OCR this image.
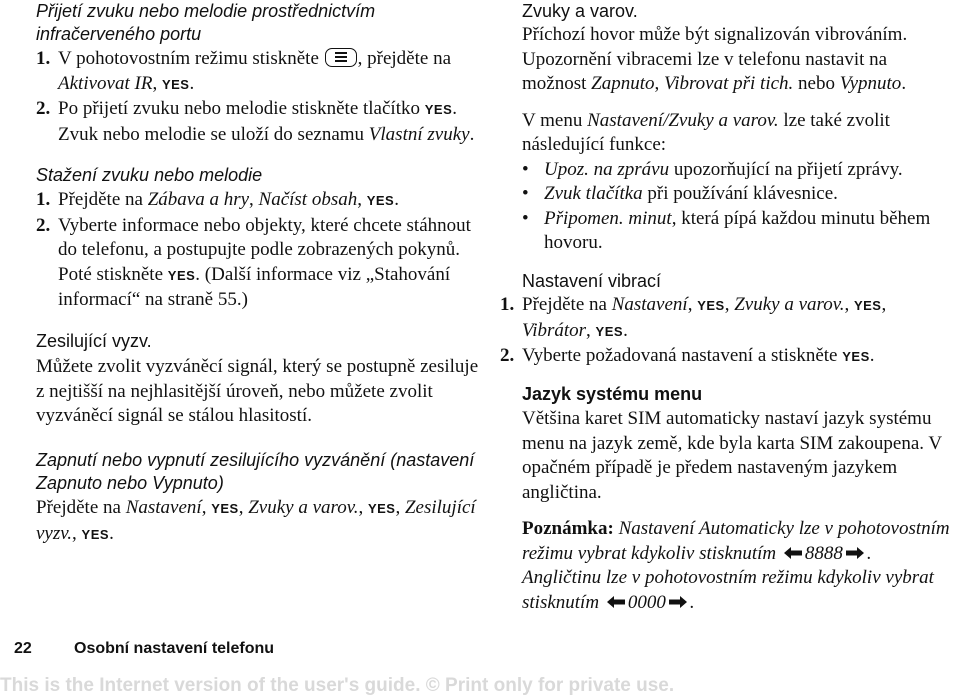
Přijetí zvuku nebo melodie prostřednictvím infračerveného portu
1. V pohotovostním režimu stiskněte , přejděte na Aktivovat IR, YES.
2. Po přijetí zvuku nebo melodie stiskněte tlačítko YES. Zvuk nebo melodie se uloží do seznamu Vlastní zvuky.
Stažení zvuku nebo melodie
1. Přejděte na Zábava a hry, Načíst obsah, YES.
2. Vyberte informace nebo objekty, které chcete stáhnout do telefonu, a postupujte podle zobrazených pokynů. Poté stiskněte YES. (Další informace viz „Stahování informací“ na straně 55.)
Zesilující vyzv.
Můžete zvolit vyzváněcí signál, který se postupně zesiluje z nejtišší na nejhlasitější úroveň, nebo můžete zvolit vyzváněcí signál se stálou hlasitostí.
Zapnutí nebo vypnutí zesilujícího vyzvánění (nastavení Zapnuto nebo Vypnuto)
Přejděte na Nastavení, YES, Zvuky a varov., YES, Zesilující vyzv., YES.
Zvuky a varov.
Příchozí hovor může být signalizován vibrováním. Upozornění vibracemi lze v telefonu nastavit na možnost Zapnuto, Vibrovat při tich. nebo Vypnuto.
V menu Nastavení/Zvuky a varov. lze také zvolit následující funkce:
• Upoz. na zprávu upozorňující na přijetí zprávy.
• Zvuk tlačítka při používání klávesnice.
• Připomen. minut, která pípá každou minutu během hovoru.
Nastavení vibrací
1. Přejděte na Nastavení, YES, Zvuky a varov., YES, Vibrátor, YES.
2. Vyberte požadovaná nastavení a stiskněte YES.
Jazyk systému menu
Většina karet SIM automaticky nastaví jazyk systému menu na jazyk země, kde byla karta SIM zakoupena. V opačném případě je předem nastaveným jazykem angličtina.
Poznámka: Nastavení Automaticky lze v pohotovostním režimu vybrat kdykoliv stisknutím 8888 . Angličtinu lze v pohotovostním režimu kdykoliv vybrat stisknutím 0000 .
22	Osobní nastavení telefonu
This is the Internet version of the user's guide. © Print only for private use.
